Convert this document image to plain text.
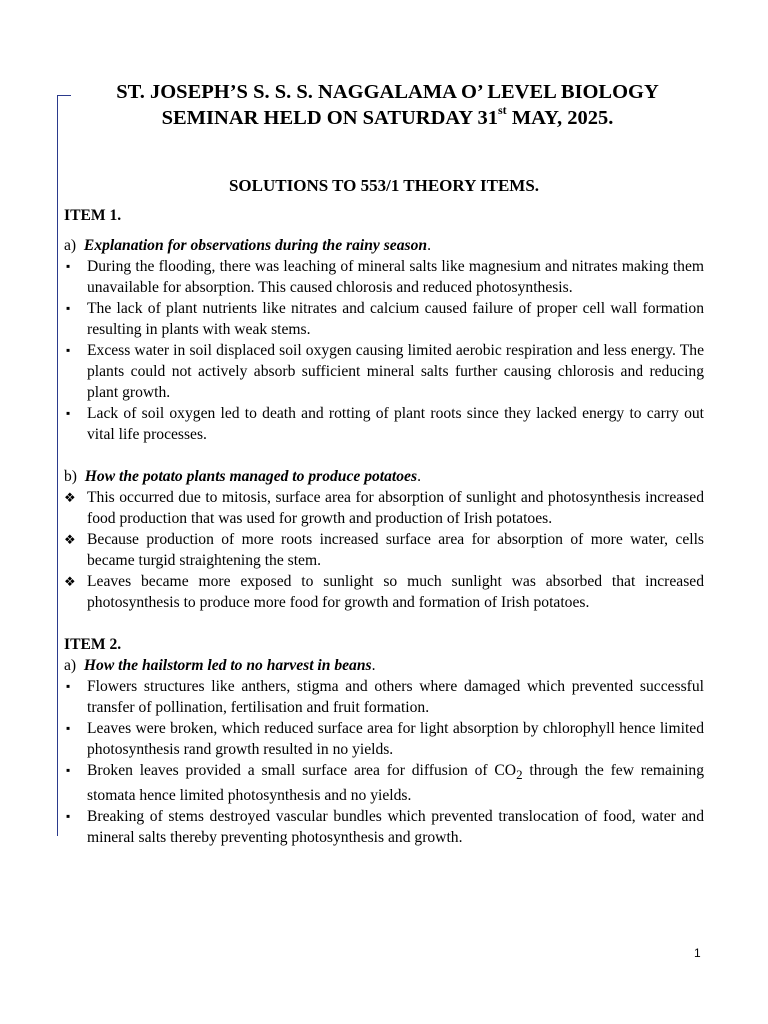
ST. JOSEPH’S S. S. S. NAGGALAMA O’ LEVEL BIOLOGY
SEMINAR HELD ON SATURDAY 31st MAY, 2025.
SOLUTIONS TO 553/1 THEORY ITEMS.
ITEM 1.
a) Explanation for observations during the rainy season.
▪ During the flooding, there was leaching of mineral salts like magnesium and nitrates making them unavailable for absorption. This caused chlorosis and reduced photosynthesis.
▪ The lack of plant nutrients like nitrates and calcium caused failure of proper cell wall formation resulting in plants with weak stems.
▪ Excess water in soil displaced soil oxygen causing limited aerobic respiration and less energy. The plants could not actively absorb sufficient mineral salts further causing chlorosis and reducing plant growth.
▪ Lack of soil oxygen led to death and rotting of plant roots since they lacked energy to carry out vital life processes.
b) How the potato plants managed to produce potatoes.
❖ This occurred due to mitosis, surface area for absorption of sunlight and photosynthesis increased food production that was used for growth and production of Irish potatoes.
❖ Because production of more roots increased surface area for absorption of more water, cells became turgid straightening the stem.
❖ Leaves became more exposed to sunlight so much sunlight was absorbed that increased photosynthesis to produce more food for growth and formation of Irish potatoes.
ITEM 2.
a) How the hailstorm led to no harvest in beans.
▪ Flowers structures like anthers, stigma and others where damaged which prevented successful transfer of pollination, fertilisation and fruit formation.
▪ Leaves were broken, which reduced surface area for light absorption by chlorophyll hence limited photosynthesis rand growth resulted in no yields.
▪ Broken leaves provided a small surface area for diffusion of $CO_2$ through the few remaining stomata hence limited photosynthesis and no yields.
▪ Breaking of stems destroyed vascular bundles which prevented translocation of food, water and mineral salts thereby preventing photosynthesis and growth.
1
